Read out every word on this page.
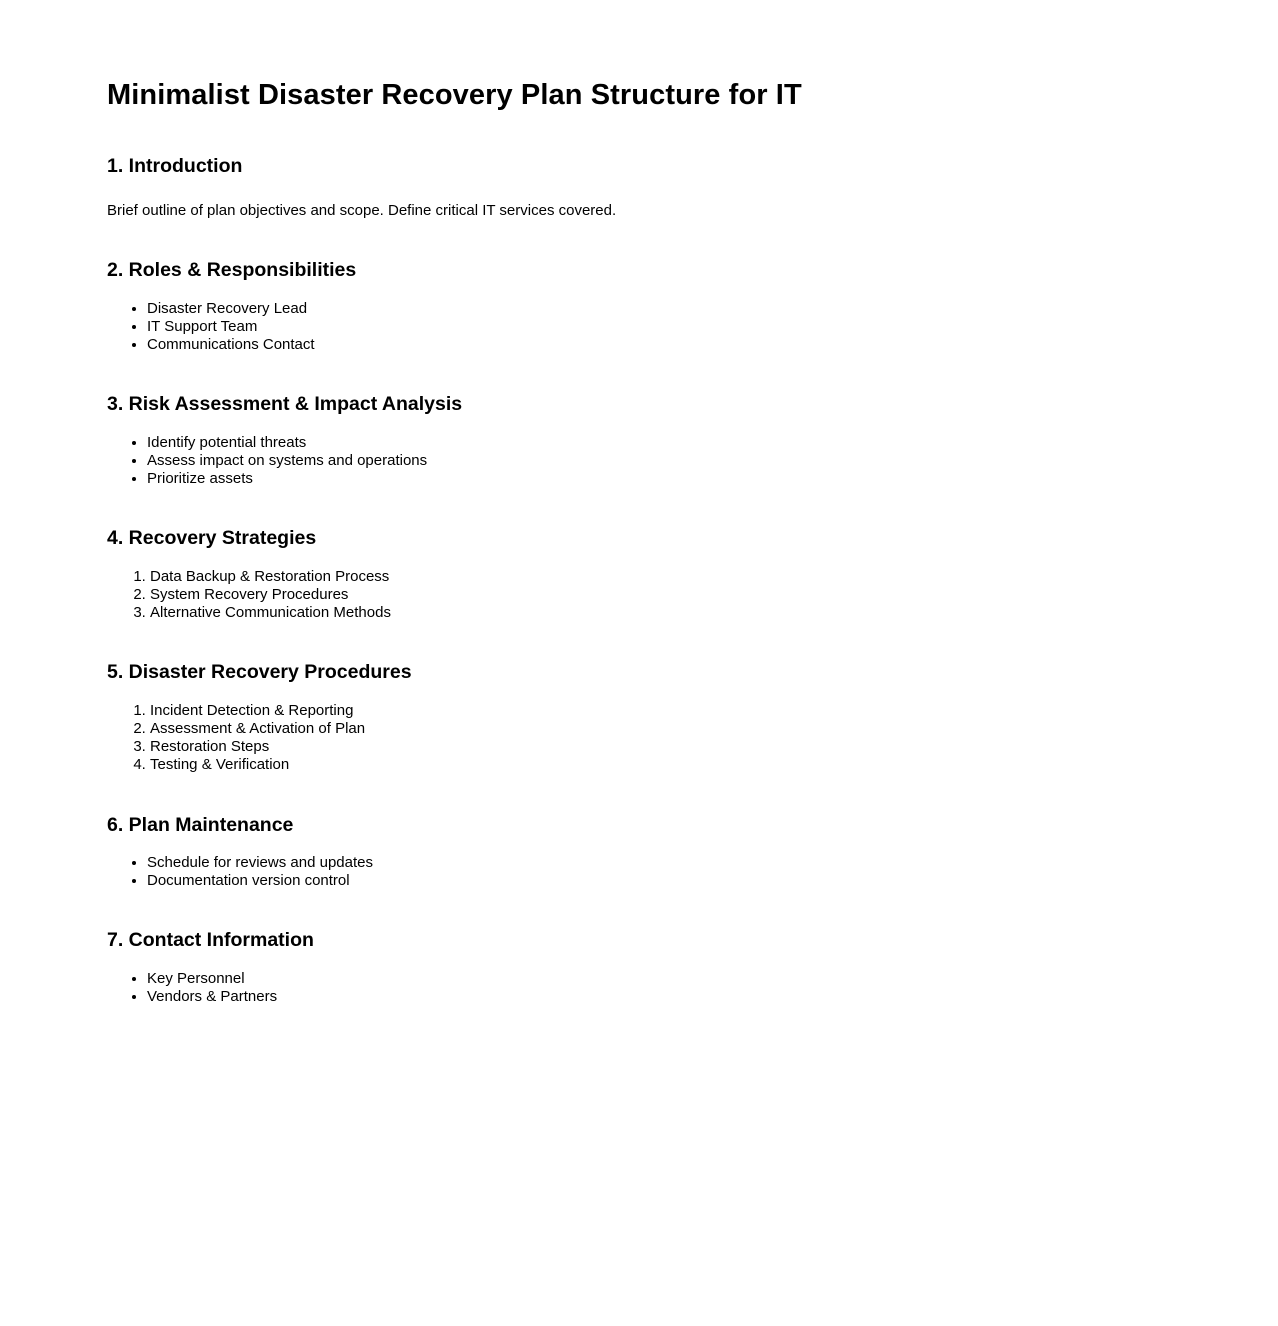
Minimalist Disaster Recovery Plan Structure for IT
1. Introduction

Brief outline of plan objectives and scope. Define critical IT services covered.

2. Roles & Responsibilities
• Disaster Recovery Lead
• IT Support Team
• Communications Contact
3. Risk Assessment & Impact Analysis
• Identify potential threats
• Assess impact on systems and operations
• Prioritize assets
4. Recovery Strategies
1. Data Backup & Restoration Process
2. System Recovery Procedures
3. Alternative Communication Methods
5. Disaster Recovery Procedures
1. Incident Detection & Reporting
2. Assessment & Activation of Plan
3. Restoration Steps
4. Testing & Verification
6. Plan Maintenance
• Schedule for reviews and updates
• Documentation version control
7. Contact Information
• Key Personnel
• Vendors & Partners
